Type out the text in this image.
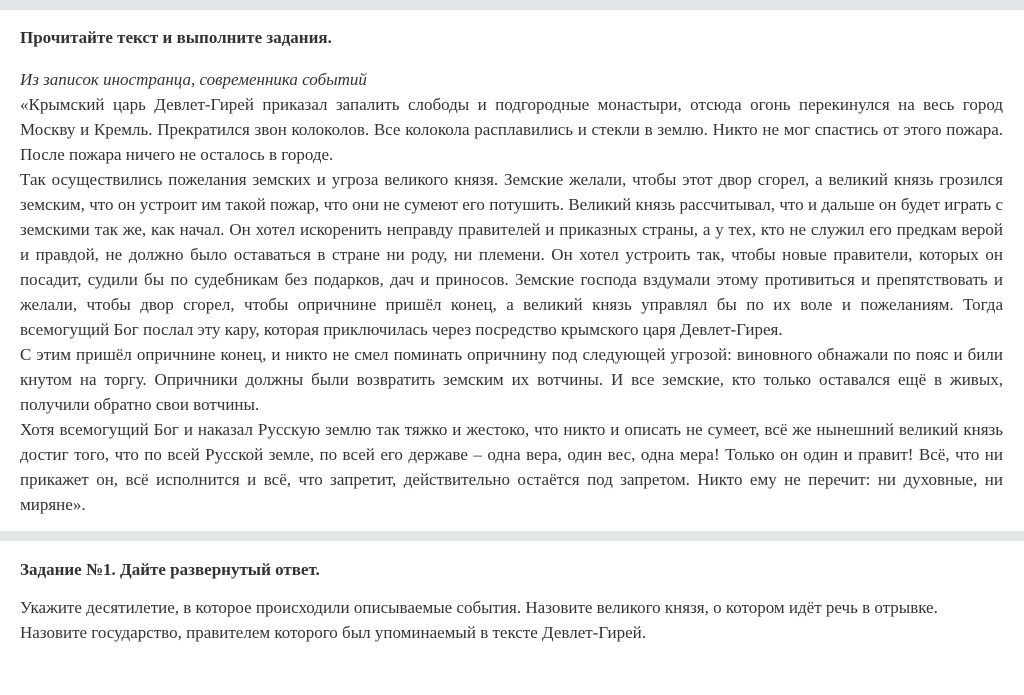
Прочитайте текст и выполните задания.
Из записок иностранца, современника событий

«Крымский царь Девлет-Гирей приказал запалить слободы и подгородные монастыри, отсюда огонь перекинулся на весь город Москву и Кремль. Прекратился звон колоколов. Все колокола расплавились и стекли в землю. Никто не мог спастись от этого пожара. После пожара ничего не осталось в городе.

Так осуществились пожелания земских и угроза великого князя. Земские желали, чтобы этот двор сгорел, а великий князь грозился земским, что он устроит им такой пожар, что они не сумеют его потушить. Великий князь рассчитывал, что и дальше он будет играть с земскими так же, как начал. Он хотел искоренить неправду правителей и приказных страны, а у тех, кто не служил его предкам верой и правдой, не должно было оставаться в стране ни роду, ни племени. Он хотел устроить так, чтобы новые правители, которых он посадит, судили бы по судебникам без подарков, дач и приносов. Земские господа вздумали этому противиться и препятствовать и желали, чтобы двор сгорел, чтобы опричнине пришёл конец, а великий князь управлял бы по их воле и пожеланиям. Тогда всемогущий Бог послал эту кару, которая приключилась через посредство крымского царя Девлет-Гирея.

С этим пришёл опричнине конец, и никто не смел поминать опричнину под следующей угрозой: виновного обнажали по пояс и били кнутом на торгу. Опричники должны были возвратить земским их вотчины. И все земские, кто только оставался ещё в живых, получили обратно свои вотчины.

Хотя всемогущий Бог и наказал Русскую землю так тяжко и жестоко, что никто и описать не сумеет, всё же нынешний великий князь достиг того, что по всей Русской земле, по всей его державе – одна вера, один вес, одна мера! Только он один и правит! Всё, что ни прикажет он, всё исполнится и всё, что запретит, действительно остаётся под запретом. Никто ему не перечит: ни духовные, ни миряне».

Задание №1. Дайте развернутый ответ.

Укажите десятилетие, в которое происходили описываемые события. Назовите великого князя, о котором идёт речь в отрывке. Назовите государство, правителем которого был упоминаемый в тексте Девлет-Гирей.
